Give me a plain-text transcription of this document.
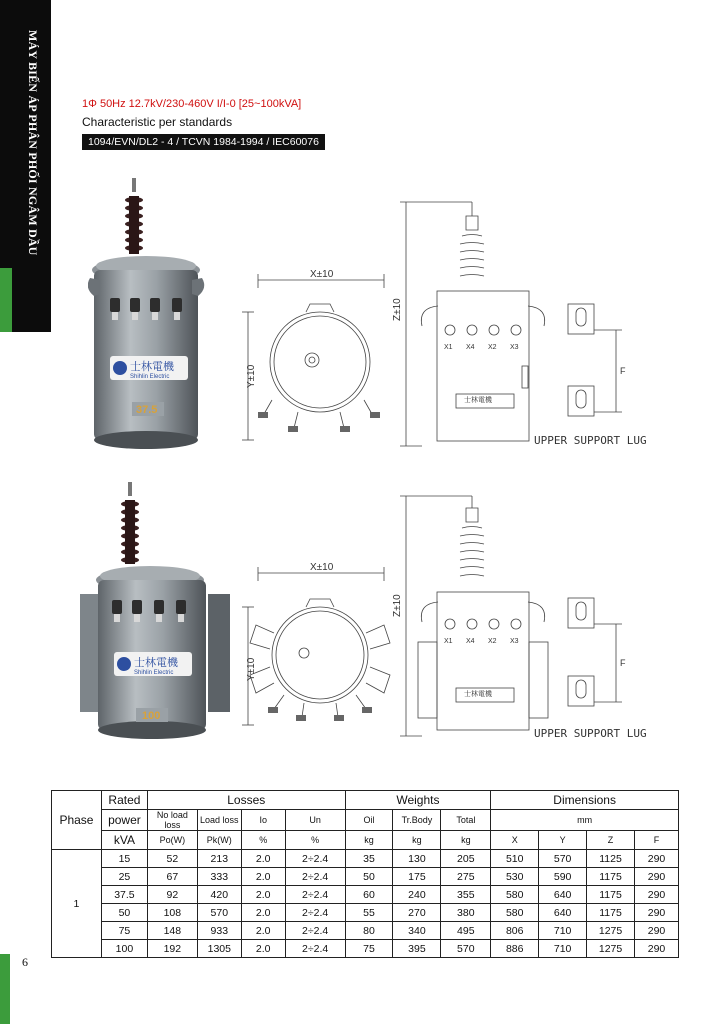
MÁY BIẾN ÁP PHÂN PHỐI NGÂM DẦU	1Φ 50Hz 12.7kV/230-460V I/I-0 [25~100kVA]
Characteristic per standards
1094/EVN/DL2 - 4 / TCVN 1984-1994 / IEC60076
士林電機
Shihlin Electric
37.5
士林電機
Shihlin Electric
100
X±10
Y±10
Z±10
X1 X4 X2 X3
士林電機
F
UPPER SUPPORT LUG
X±10
Y±10
Z±10
X1 X4 X2 X3
士林電機
F
UPPER SUPPORT LUG
Phase	Rated	Losses				Weights			Dimensions			
	power	No load loss	Load loss	Io	Un	Oil	Tr.Body	Total	mm			
	kVA	Po(W)	Pk(W)	%	%	kg	kg	kg	X	Y	Z	F
1	15	52	213	2.0	2÷2.4	35	130	205	510	570	1125	290
	25	67	333	2.0	2÷2.4	50	175	275	530	590	1175	290
	37.5	92	420	2.0	2÷2.4	60	240	355	580	640	1175	290
	50	108	570	2.0	2÷2.4	55	270	380	580	640	1175	290
	75	148	933	2.0	2÷2.4	80	340	495	806	710	1275	290
	100	192	1305	2.0	2÷2.4	75	395	570	886	710	1275	290
6
